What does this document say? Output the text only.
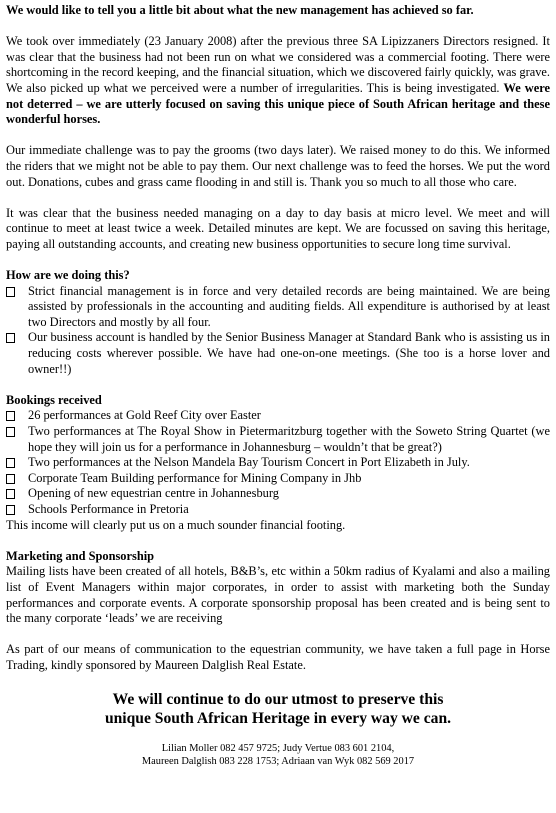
We would like to tell you a little bit about what the new management has achieved so far.

We took over immediately (23 January 2008) after the previous three SA Lipizzaners Directors resigned. It was clear that the business had not been run on what we considered was a commercial footing. There were shortcoming in the record keeping, and the financial situation, which we discovered fairly quickly, was grave. We also picked up what we perceived were a number of irregularities. This is being investigated. We were not deterred – we are utterly focused on saving this unique piece of South African heritage and these wonderful horses.

Our immediate challenge was to pay the grooms (two days later). We raised money to do this. We informed the riders that we might not be able to pay them. Our next challenge was to feed the horses. We put the word out. Donations, cubes and grass came flooding in and still is. Thank you so much to all those who care.

It was clear that the business needed managing on a day to day basis at micro level. We meet and will continue to meet at least twice a week. Detailed minutes are kept. We are focussed on saving this heritage, paying all outstanding accounts, and creating new business opportunities to secure long time survival.

How are we doing this?

Strict financial management is in force and very detailed records are being maintained. We are being assisted by professionals in the accounting and auditing fields. All expenditure is authorised by at least two Directors and mostly by all four.
Our business account is handled by the Senior Business Manager at Standard Bank who is assisting us in reducing costs wherever possible. We have had one-on-one meetings. (She too is a horse lover and owner!!)

Bookings received

26 performances at Gold Reef City over Easter
Two performances at The Royal Show in Pietermaritzburg together with the Soweto String Quartet (we hope they will join us for a performance in Johannesburg – wouldn’t that be great?)
Two performances at the Nelson Mandela Bay Tourism Concert in Port Elizabeth in July.
Corporate Team Building performance for Mining Company in Jhb
Opening of new equestrian centre in Johannesburg
Schools Performance in Pretoria

This income will clearly put us on a much sounder financial footing.

Marketing and Sponsorship

Mailing lists have been created of all hotels, B&B’s, etc within a 50km radius of Kyalami and also a mailing list of Event Managers within major corporates, in order to assist with marketing both the Sunday performances and corporate events. A corporate sponsorship proposal has been created and is being sent to the many corporate ‘leads’ we are receiving

As part of our means of communication to the equestrian community, we have taken a full page in Horse Trading, kindly sponsored by Maureen Dalglish Real Estate.

We will continue to do our utmost to preserve this
unique South African Heritage in every way we can.
Lilian Moller 082 457 9725; Judy Vertue 083 601 2104,
Maureen Dalglish 083 228 1753; Adriaan van Wyk 082 569 2017
